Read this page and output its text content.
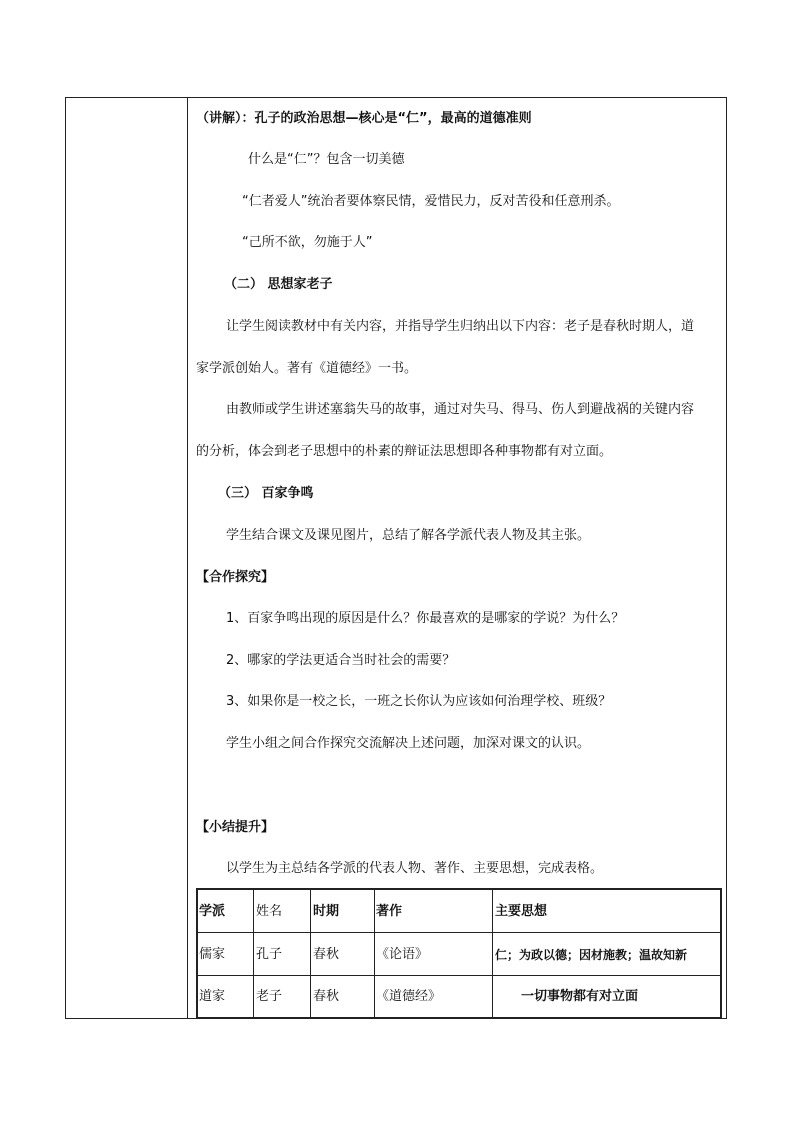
（讲解）：孔子的政治思想—核心是“仁”，最高的道德准则
什么是“仁”？包含一切美德
“仁者爱人”统治者要体察民情，爱惜民力，反对苦役和任意刑杀。
“己所不欲，勿施于人”
（二） 思想家老子
让学生阅读教材中有关内容，并指导学生归纳出以下内容：老子是春秋时期人，道
家学派创始人。著有《道德经》一书。
由教师或学生讲述塞翁失马的故事，通过对失马、得马、伤人到避战祸的关键内容
的分析，体会到老子思想中的朴素的辩证法思想即各种事物都有对立面。
（三） 百家争鸣
学生结合课文及课见图片，总结了解各学派代表人物及其主张。
【合作探究】
1、百家争鸣出现的原因是什么？你最喜欢的是哪家的学说？为什么？
2、哪家的学法更适合当时社会的需要？
3、如果你是一校之长，一班之长你认为应该如何治理学校、班级？
学生小组之间合作探究交流解决上述问题，加深对课文的认识。
【小结提升】
以学生为主总结各学派的代表人物、著作、主要思想，完成表格。
学派 姓名 时期	著作	主要思想
儒家 孔子 春秋	《论语》	仁；为政以德；因材施教；温故知新
道家 老子 春秋	《道德经》	一切事物都有对立面
